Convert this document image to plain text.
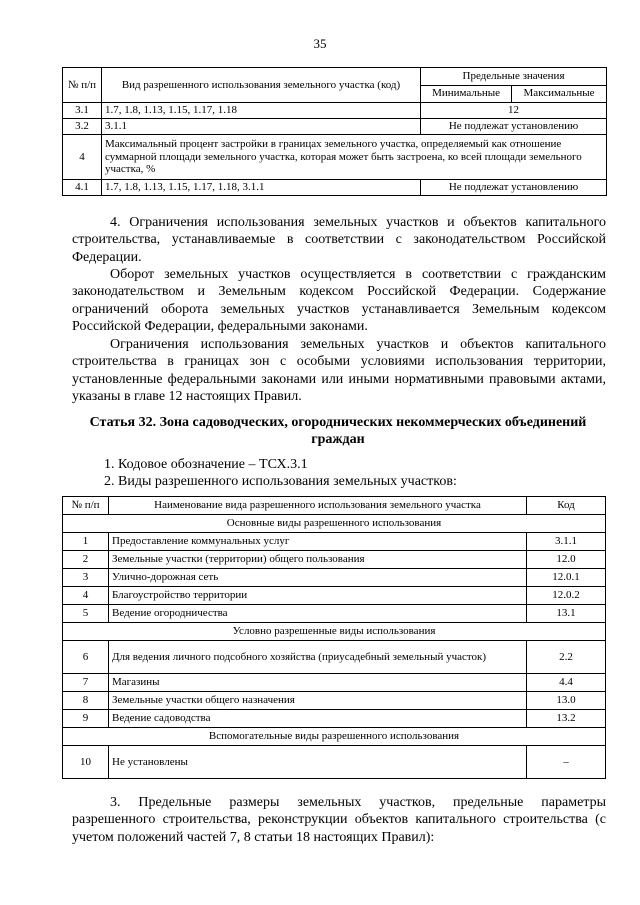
35
№ п/п	Вид разрешенного использования земельного участка (код)	Предельные значения	
		Минимальные	Максимальные
3.1	1.7, 1.8, 1.13, 1.15, 1.17, 1.18	12	
3.2	3.1.1	Не подлежат установлению	
4	Максимальный процент застройки в границах земельного участка, определяемый как отношение суммарной площади земельного участка, которая может быть застроена, ко всей площади земельного участка, %		
4.1	1.7, 1.8, 1.13, 1.15, 1.17, 1.18, 3.1.1	Не подлежат установлению	
4. Ограничения использования земельных участков и объектов капитального строительства, устанавливаемые в соответствии с законодательством Российской Федерации.
Оборот земельных участков осуществляется в соответствии с гражданским законодательством и Земельным кодексом Российской Федерации. Содержание ограничений оборота земельных участков устанавливается Земельным кодексом Российской Федерации, федеральными законами.
Ограничения использования земельных участков и объектов капитального строительства в границах зон с особыми условиями использования территории, установленные федеральными законами или иными нормативными правовыми актами, указаны в главе 12 настоящих Правил.
Статья 32. Зона садоводческих, огороднических некоммерческих объединений граждан
1. Кодовое обозначение – ТСХ.3.1
2. Виды разрешенного использования земельных участков:
№ п/п	Наименование вида разрешенного использования земельного участка	Код
Основные виды разрешенного использования		
1	Предоставление коммунальных услуг	3.1.1
2	Земельные участки (территории) общего пользования	12.0
3	Улично-дорожная сеть	12.0.1
4	Благоустройство территории	12.0.2
5	Ведение огородничества	13.1
Условно разрешенные виды использования		
6	Для ведения личного подсобного хозяйства (приусадебный земельный участок)	2.2
7	Магазины	4.4
8	Земельные участки общего назначения	13.0
9	Ведение садоводства	13.2
Вспомогательные виды разрешенного использования		
10	Не установлены	–
3. Предельные размеры земельных участков, предельные параметры разрешенного строительства, реконструкции объектов капитального строительства (с учетом положений частей 7, 8 статьи 18 настоящих Правил):
